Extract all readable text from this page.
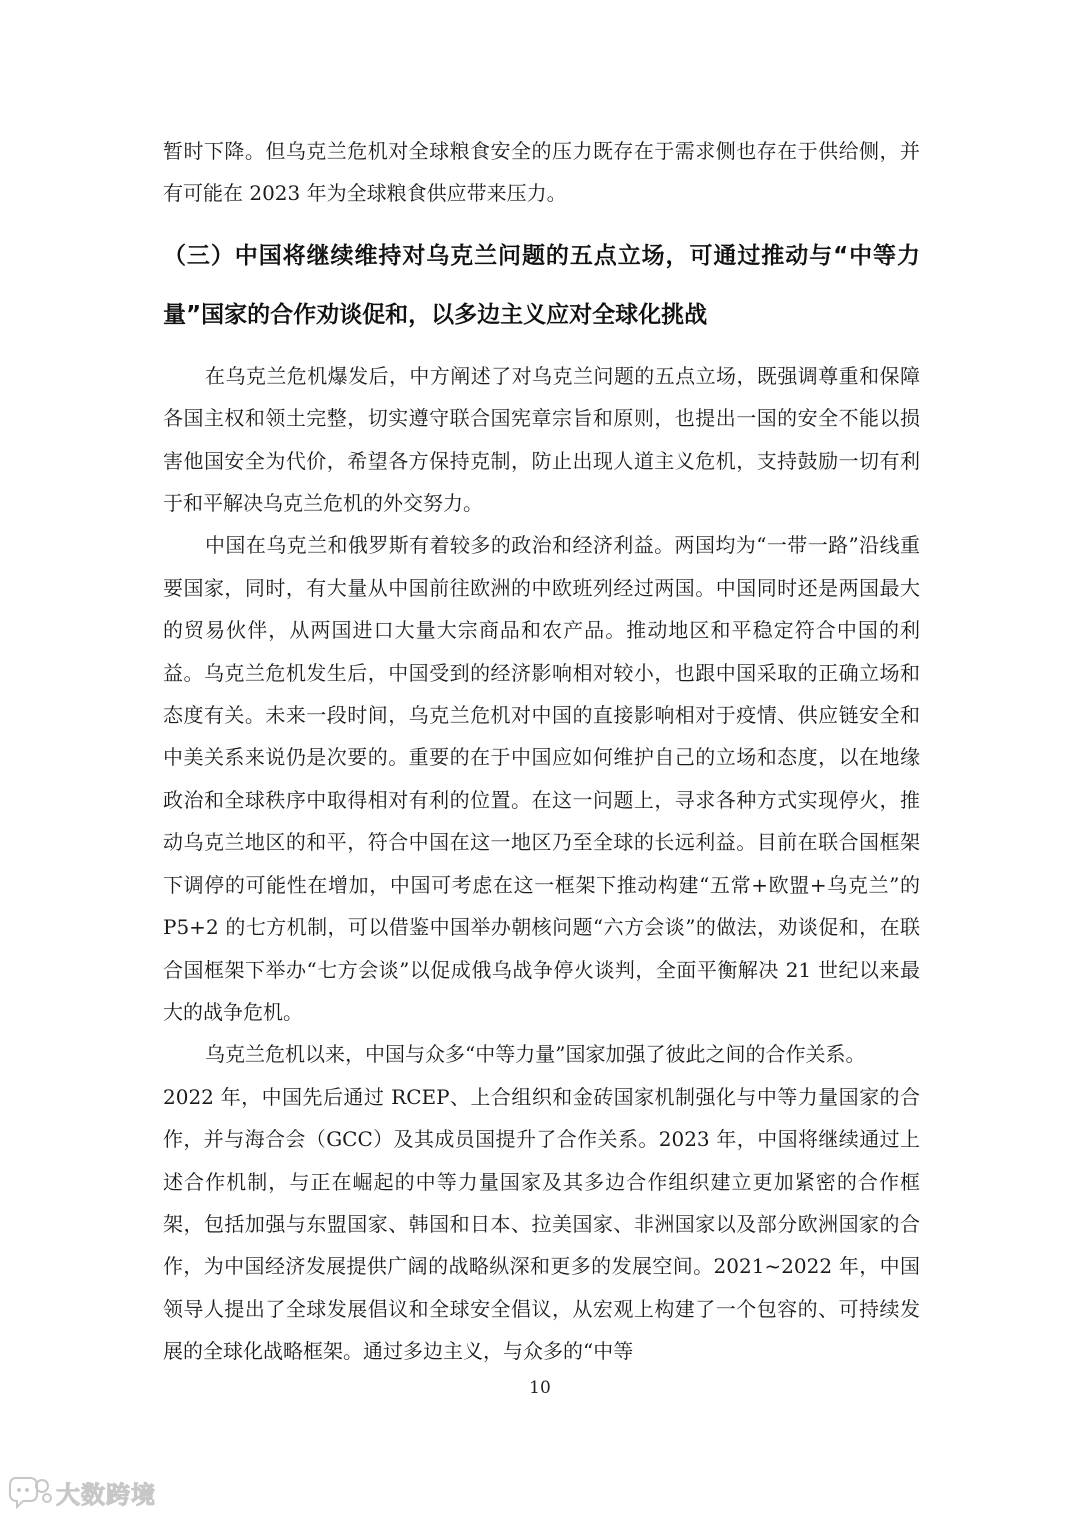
暂时下降。但乌克兰危机对全球粮食安全的压力既存在于需求侧也存在于供给侧，并有可能在 2023 年为全球粮食供应带来压力。

（三）中国将继续维持对乌克兰问题的五点立场，可通过推动与“中等力量”国家的合作劝谈促和，以多边主义应对全球化挑战

在乌克兰危机爆发后，中方阐述了对乌克兰问题的五点立场，既强调尊重和保障各国主权和领土完整，切实遵守联合国宪章宗旨和原则，也提出一国的安全不能以损害他国安全为代价，希望各方保持克制，防止出现人道主义危机，支持鼓励一切有利于和平解决乌克兰危机的外交努力。

中国在乌克兰和俄罗斯有着较多的政治和经济利益。两国均为“一带一路”沿线重要国家，同时，有大量从中国前往欧洲的中欧班列经过两国。中国同时还是两国最大的贸易伙伴，从两国进口大量大宗商品和农产品。推动地区和平稳定符合中国的利益。乌克兰危机发生后，中国受到的经济影响相对较小，也跟中国采取的正确立场和态度有关。未来一段时间，乌克兰危机对中国的直接影响相对于疫情、供应链安全和中美关系来说仍是次要的。重要的在于中国应如何维护自己的立场和态度，以在地缘政治和全球秩序中取得相对有利的位置。在这一问题上，寻求各种方式实现停火，推动乌克兰地区的和平，符合中国在这一地区乃至全球的长远利益。目前在联合国框架下调停的可能性在增加，中国可考虑在这一框架下推动构建“五常+欧盟+乌克兰”的 P5+2 的七方机制，可以借鉴中国举办朝核问题“六方会谈”的做法，劝谈促和，在联合国框架下举办“七方会谈”以促成俄乌战争停火谈判，全面平衡解决 21 世纪以来最大的战争危机。

乌克兰危机以来，中国与众多“中等力量”国家加强了彼此之间的合作关系。

2022 年，中国先后通过 RCEP、上合组织和金砖国家机制强化与中等力量国家的合作，并与海合会（GCC）及其成员国提升了合作关系。2023 年，中国将继续通过上述合作机制，与正在崛起的中等力量国家及其多边合作组织建立更加紧密的合作框架，包括加强与东盟国家、韩国和日本、拉美国家、非洲国家以及部分欧洲国家的合作，为中国经济发展提供广阔的战略纵深和更多的发展空间。2021~2022 年，中国领导人提出了全球发展倡议和全球安全倡议，从宏观上构建了一个包容的、可持续发展的全球化战略框架。通过多边主义，与众多的“中等

10
大数跨境
